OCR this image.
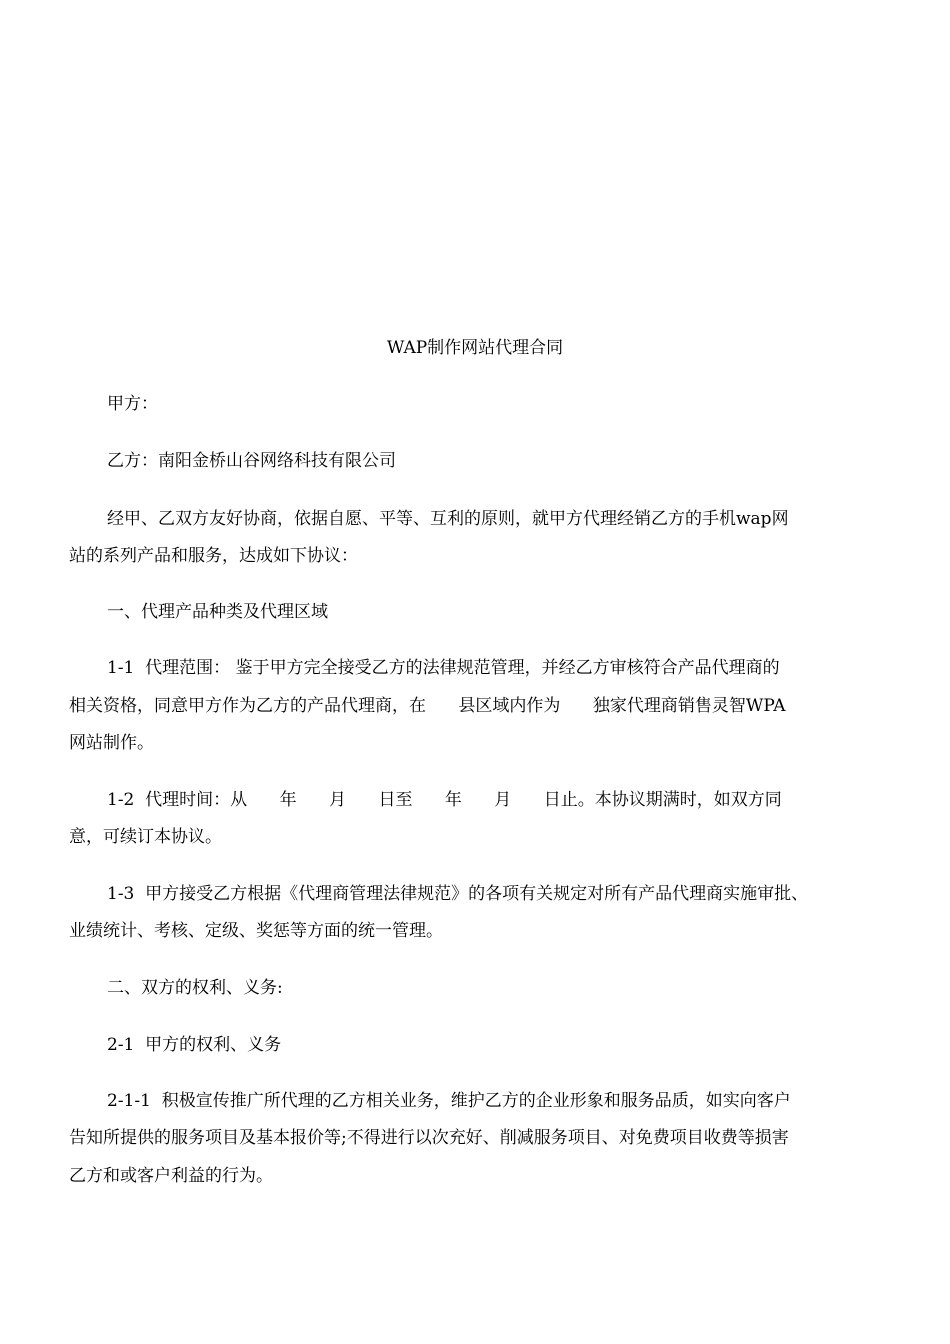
WAP制作网站代理合同
甲方：
乙方：南阳金桥山谷网络科技有限公司
经甲、乙双方友好协商，依据自愿、平等、互利的原则，就甲方代理经销乙方的手机wap网
站的系列产品和服务，达成如下协议：
一、代理产品种类及代理区域
1-1  代理范围： 鉴于甲方完全接受乙方的法律规范管理，并经乙方审核符合产品代理商的
相关资格，同意甲方作为乙方的产品代理商，在      县区域内作为      独家代理商销售灵智WPA
网站制作。
1-2  代理时间：从      年      月      日至      年      月      日止。本协议期满时，如双方同
意，可续订本协议。
1-3  甲方接受乙方根据《代理商管理法律规范》的各项有关规定对所有产品代理商实施审批、
业绩统计、考核、定级、奖惩等方面的统一管理。
二、双方的权利、义务:
2-1  甲方的权利、义务
2-1-1  积极宣传推广所代理的乙方相关业务，维护乙方的企业形象和服务品质，如实向客户
告知所提供的服务项目及基本报价等;不得进行以次充好、削减服务项目、对免费项目收费等损害
乙方和或客户利益的行为。
